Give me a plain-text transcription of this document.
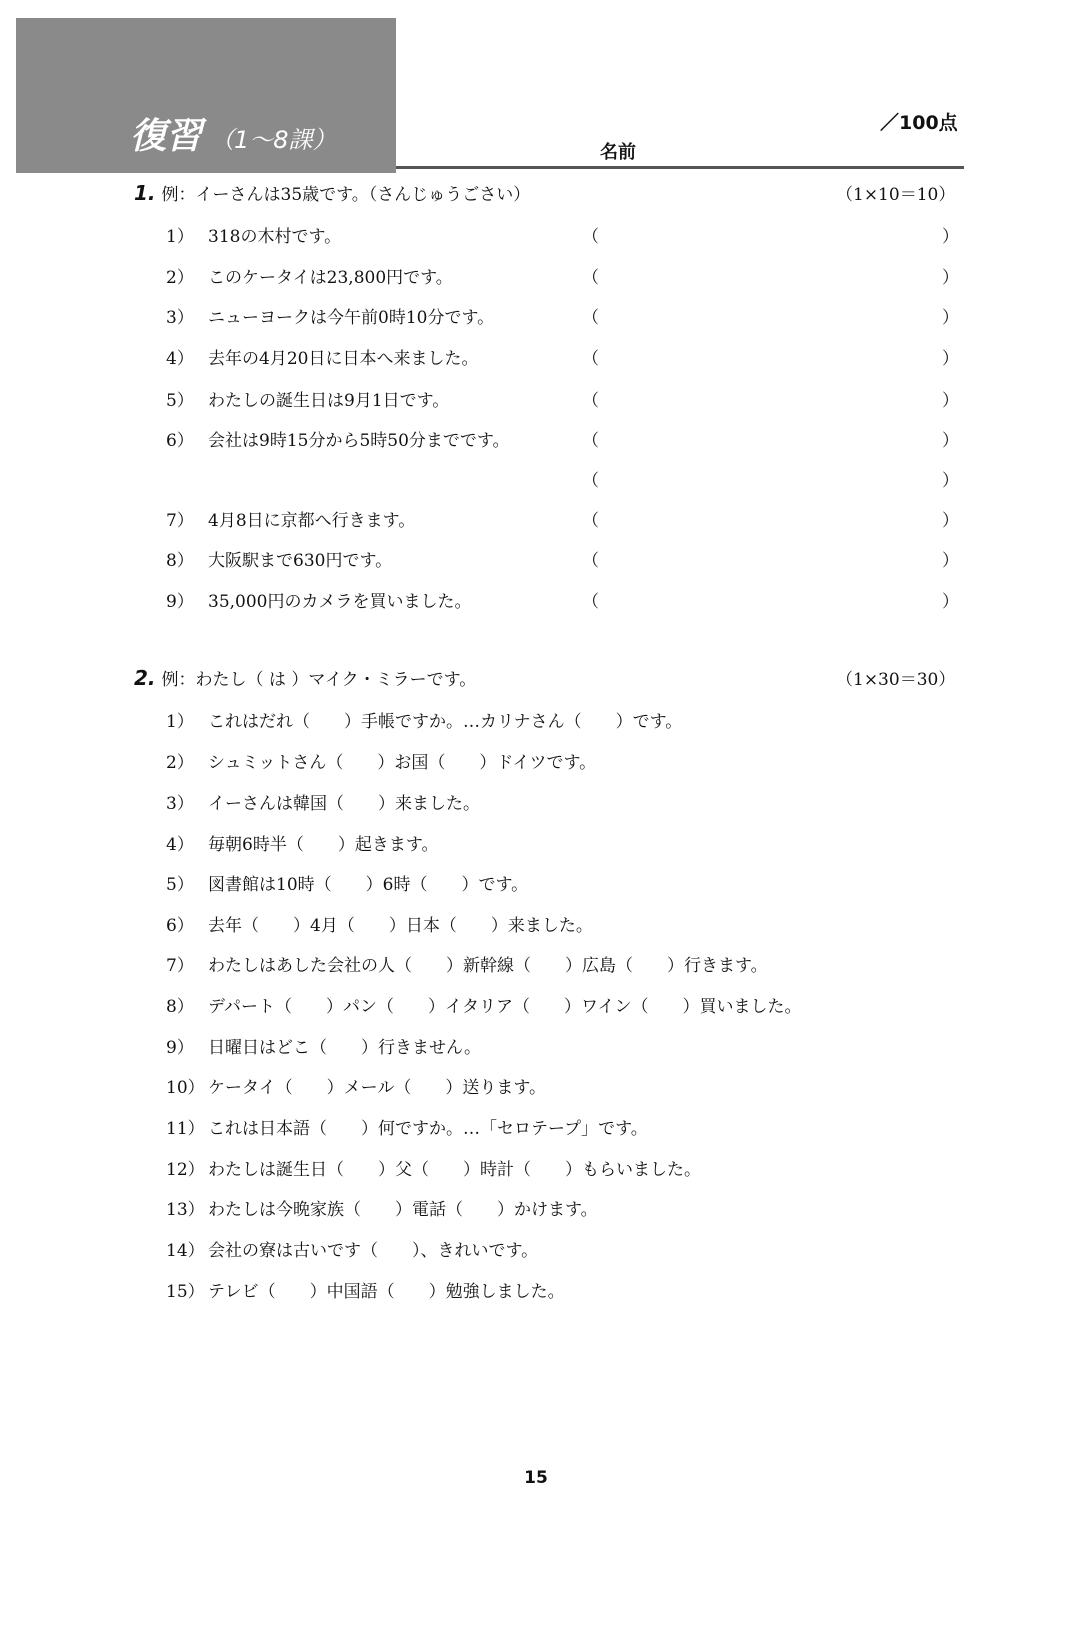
復習 （1～8課）	名前
／100点
1. 例：イーさんは35歳です。（さんじゅうごさい）	（1×10＝10）
1） 318の木村です。	（	）
2） このケータイは23,800円です。	（	）
3） ニューヨークは今午前0時10分です。	（	）
4） 去年の4月20日に日本へ来ました。	（	）
5） わたしの誕生日は9月1日です。	（	）
6） 会社は9時15分から5時50分までです。	（	）
（	）
7） 4月8日に京都へ行きます。	（	）
8） 大阪駅まで630円です。	（	）
9） 35,000円のカメラを買いました。	（	）
2. 例：わたし（ は ）マイク・ミラーです。	（1×30＝30）
1） これはだれ（　　）手帳ですか。…カリナさん（　　）です。
2） シュミットさん（　　）お国（　　）ドイツです。
3） イーさんは韓国（　　）来ました。
4） 毎朝6時半（　　）起きます。
5） 図書館は10時（　　）6時（　　）です。
6） 去年（　　）4月（　　）日本（　　）来ました。
7） わたしはあした会社の人（　　）新幹線（　　）広島（　　）行きます。
8） デパート（　　）パン（　　）イタリア（　　）ワイン（　　）買いました。
9） 日曜日はどこ（　　）行きません。
10） ケータイ（　　）メール（　　）送ります。
11） これは日本語（　　）何ですか。…「セロテープ」です。
12） わたしは誕生日（　　）父（　　）時計（　　）もらいました。
13） わたしは今晩家族（　　）電話（　　）かけます。
14） 会社の寮は古いです（　　）、きれいです。
15） テレビ（　　）中国語（　　）勉強しました。
15
